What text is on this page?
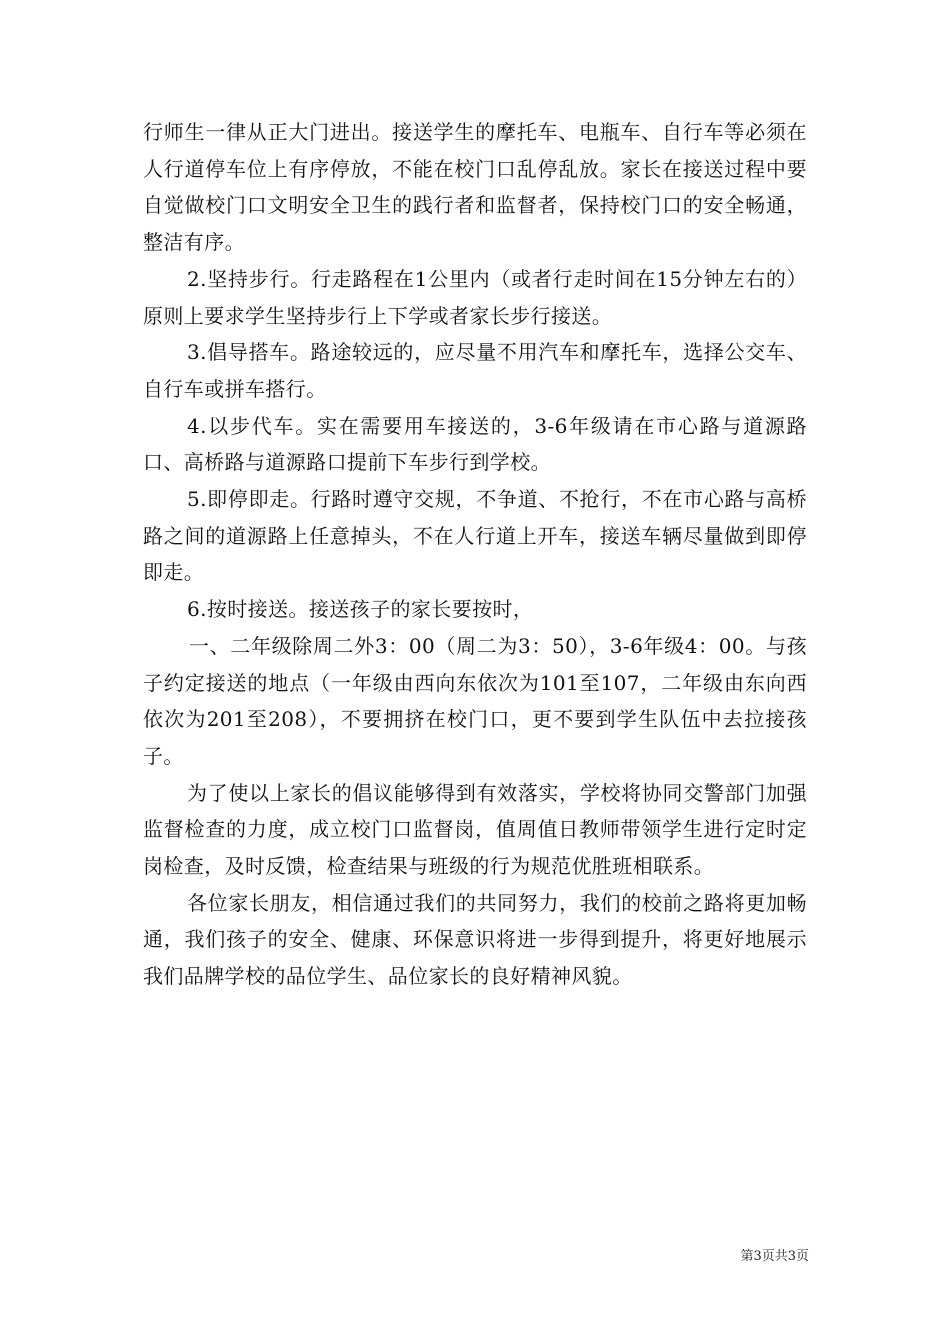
行师生一律从正大门进出。接送学生的摩托车、电瓶车、自行车等必须在人行道停车位上有序停放，不能在校门口乱停乱放。家长在接送过程中要自觉做校门口文明安全卫生的践行者和监督者，保持校门口的安全畅通，整洁有序。

2.坚持步行。行走路程在1公里内（或者行走时间在15分钟左右的）原则上要求学生坚持步行上下学或者家长步行接送。

3.倡导搭车。路途较远的，应尽量不用汽车和摩托车，选择公交车、自行车或拼车搭行。

4.以步代车。实在需要用车接送的，3-6年级请在市心路与道源路口、高桥路与道源路口提前下车步行到学校。

5.即停即走。行路时遵守交规，不争道、不抢行，不在市心路与高桥路之间的道源路上任意掉头，不在人行道上开车，接送车辆尽量做到即停即走。

6.按时接送。接送孩子的家长要按时，

一、二年级除周二外3：00（周二为3：50），3-6年级4：00。与孩子约定接送的地点（一年级由西向东依次为101至107，二年级由东向西依次为201至208），不要拥挤在校门口，更不要到学生队伍中去拉接孩子。

为了使以上家长的倡议能够得到有效落实，学校将协同交警部门加强监督检查的力度，成立校门口监督岗，值周值日教师带领学生进行定时定岗检查，及时反馈，检查结果与班级的行为规范优胜班相联系。

各位家长朋友，相信通过我们的共同努力，我们的校前之路将更加畅通，我们孩子的安全、健康、环保意识将进一步得到提升，将更好地展示我们品牌学校的品位学生、品位家长的良好精神风貌。

第3页共3页
